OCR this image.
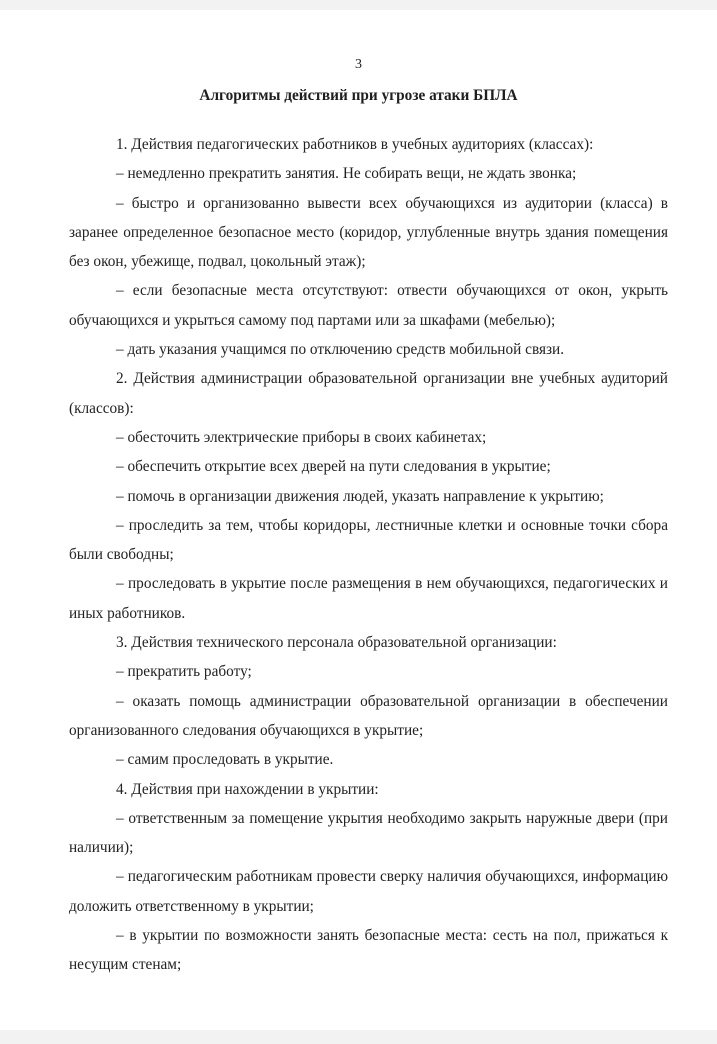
3
Алгоритмы действий при угрозе атаки БПЛА

1. Действия педагогических работников в учебных аудиториях (классах):

– немедленно прекратить занятия. Не собирать вещи, не ждать звонка;

– быстро и организованно вывести всех обучающихся из аудитории (класса) в заранее определенное безопасное место (коридор, углубленные внутрь здания помещения без окон, убежище, подвал, цокольный этаж);

– если безопасные места отсутствуют: отвести обучающихся от окон, укрыть обучающихся и укрыться самому под партами или за шкафами (мебелью);

– дать указания учащимся по отключению средств мобильной связи.

2. Действия администрации образовательной организации вне учебных аудиторий (классов):

– обесточить электрические приборы в своих кабинетах;

– обеспечить открытие всех дверей на пути следования в укрытие;

– помочь в организации движения людей, указать направление к укрытию;

– проследить за тем, чтобы коридоры, лестничные клетки и основные точки сбора были свободны;

– проследовать в укрытие после размещения в нем обучающихся, педагогических и иных работников.

3. Действия технического персонала образовательной организации:

– прекратить работу;

– оказать помощь администрации образовательной организации в обеспечении организованного следования обучающихся в укрытие;

– самим проследовать в укрытие.

4. Действия при нахождении в укрытии:

– ответственным за помещение укрытия необходимо закрыть наружные двери (при наличии);

– педагогическим работникам провести сверку наличия обучающихся, информацию доложить ответственному в укрытии;

– в укрытии по возможности занять безопасные места: сесть на пол, прижаться к несущим стенам;
